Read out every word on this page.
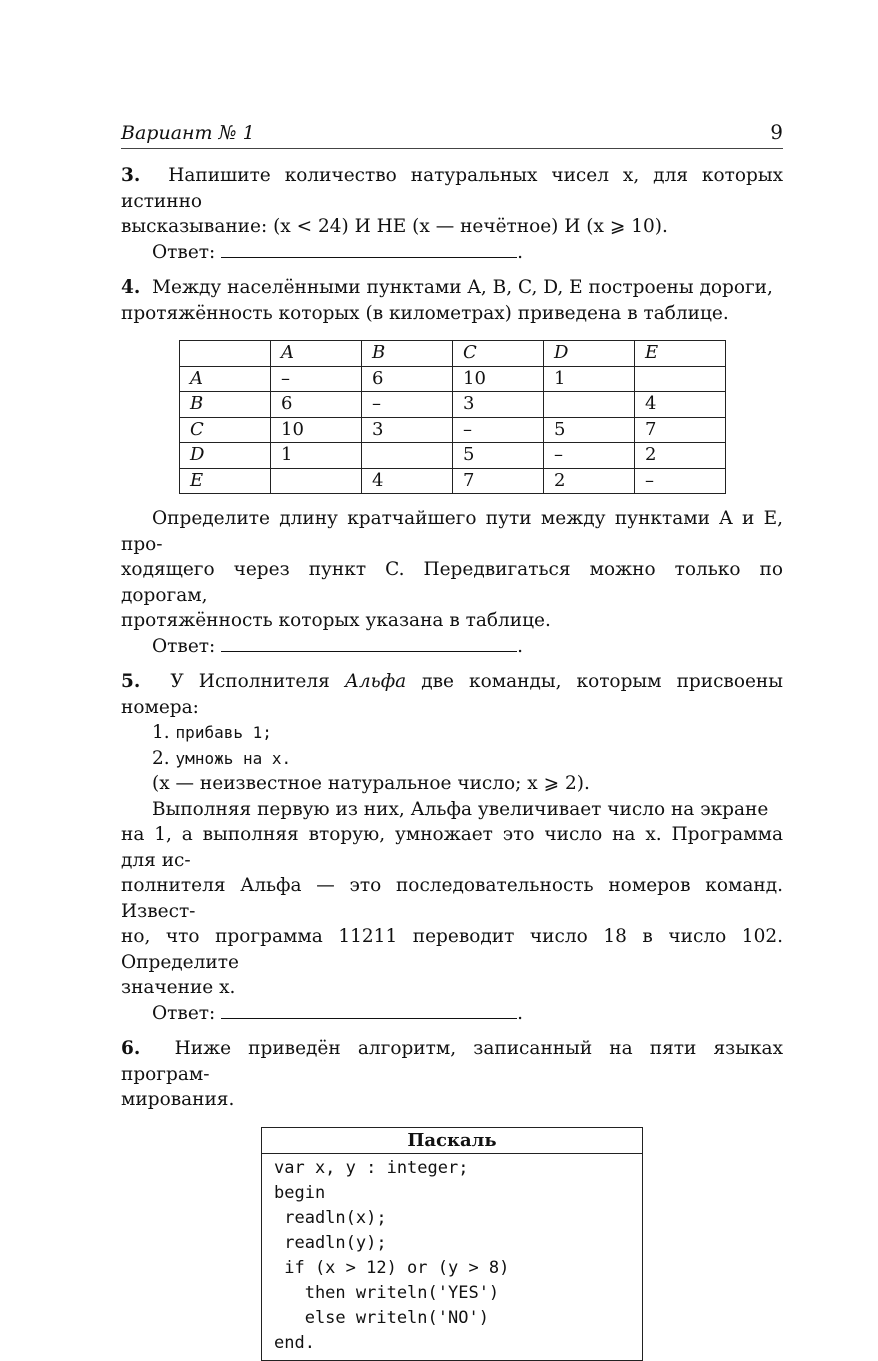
Вариант № 1	9

3. Напишите количество натуральных чисел x, для которых истинно

высказывание: (x < 24) И НЕ (x — нечётное) И (x ⩾ 10).

Ответ:	.

4. Между населёнными пунктами A, B, C, D, E построены дороги,

протяжённость которых (в километрах) приведена в таблице.

	A	B	C	D	E
A	–	6	10	1	
B	6	–	3		4
C	10	3	–	5	7
D	1		5	–	2
E		4	7	2	–

Определите длину кратчайшего пути между пунктами A и E, про-

ходящего через пункт C. Передвигаться можно только по дорогам,

протяжённость которых указана в таблице.

Ответ:	.

5. У Исполнителя Альфа две команды, которым присвоены номера:

1. прибавь 1;

2. умножь на x.

(x — неизвестное натуральное число; x ⩾ 2).

Выполняя первую из них, Альфа увеличивает число на экране

на 1, а выполняя вторую, умножает это число на x. Программа для ис-

полнителя Альфа — это последовательность номеров команд. Извест-

но, что программа 11211 переводит число 18 в число 102. Определите

значение x.

Ответ:	.

6. Ниже приведён алгоритм, записанный на пяти языках програм-

мирования.

Паскаль
var x, y : integer;
begin
readln(x);
readln(y);
if (x > 12) or (y > 8)
then writeln('YES')
else writeln('NO')
end.
